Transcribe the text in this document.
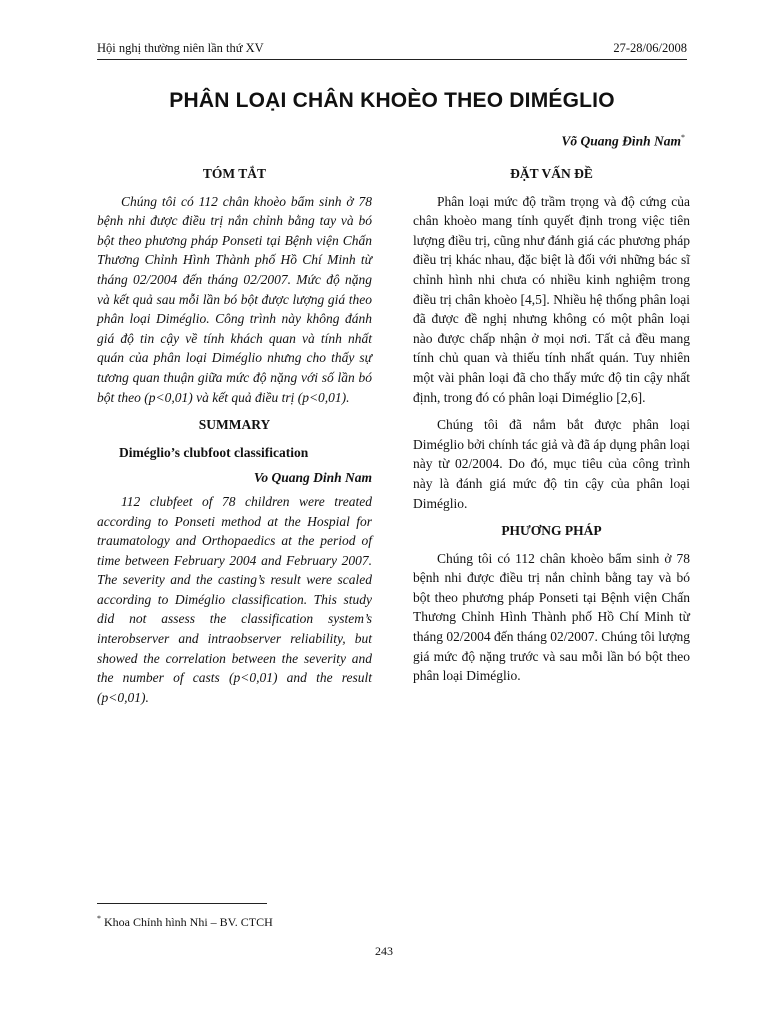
Hội nghị thường niên lần thứ XV	27-28/06/2008
PHÂN LOẠI CHÂN KHOÈO THEO DIMÉGLIO
Võ Quang Đình Nam*
TÓM TẮT

Chúng tôi có 112 chân khoèo bẩm sinh ở 78 bệnh nhi được điều trị nắn chỉnh bằng tay và bó bột theo phương pháp Ponseti tại Bệnh viện Chấn Thương Chỉnh Hình Thành phố Hồ Chí Minh từ tháng 02/2004 đến tháng 02/2007. Mức độ nặng và kết quả sau mỗi lần bó bột được lượng giá theo phân loại Diméglio. Công trình này không đánh giá độ tin cậy về tính khách quan và tính nhất quán của phân loại Diméglio nhưng cho thấy sự tương quan thuận giữa mức độ nặng với số lần bó bột theo (p<0,01) và kết quả điều trị (p<0,01).

SUMMARY
Diméglio’s clubfoot classification
Vo Quang Dinh Nam

112 clubfeet of 78 children were treated according to Ponseti method at the Hospial for traumatology and Orthopaedics at the period of time between February 2004 and February 2007. The severity and the casting’s result were scaled according to Diméglio classification. This study did not assess the classification system’s interobserver and intraobserver reliability, but showed the correlation between the severity and the number of casts (p<0,01) and the result (p<0,01).

ĐẶT VẤN ĐỀ

Phân loại mức độ trầm trọng và độ cứng của chân khoèo mang tính quyết định trong việc tiên lượng điều trị, cũng như đánh giá các phương pháp điều trị khác nhau, đặc biệt là đối với những bác sĩ chỉnh hình nhi chưa có nhiều kinh nghiệm trong điều trị chân khoèo [4,5]. Nhiều hệ thống phân loại đã được đề nghị nhưng không có một phân loại nào được chấp nhận ở mọi nơi. Tất cả đều mang tính chủ quan và thiếu tính nhất quán. Tuy nhiên một vài phân loại đã cho thấy mức độ tin cậy nhất định, trong đó có phân loại Diméglio [2,6].

Chúng tôi đã nắm bắt được phân loại Diméglio bởi chính tác giả và đã áp dụng phân loại này từ 02/2004. Do đó, mục tiêu của công trình này là đánh giá mức độ tin cậy của phân loại Diméglio.

PHƯƠNG PHÁP

Chúng tôi có 112 chân khoèo bẩm sinh ở 78 bệnh nhi được điều trị nắn chỉnh bằng tay và bó bột theo phương pháp Ponseti tại Bệnh viện Chấn Thương Chỉnh Hình Thành phố Hồ Chí Minh từ tháng 02/2004 đến tháng 02/2007. Chúng tôi lượng giá mức độ nặng trước và sau mỗi lần bó bột theo phân loại Diméglio.

* Khoa Chỉnh hình Nhi – BV. CTCH
243
